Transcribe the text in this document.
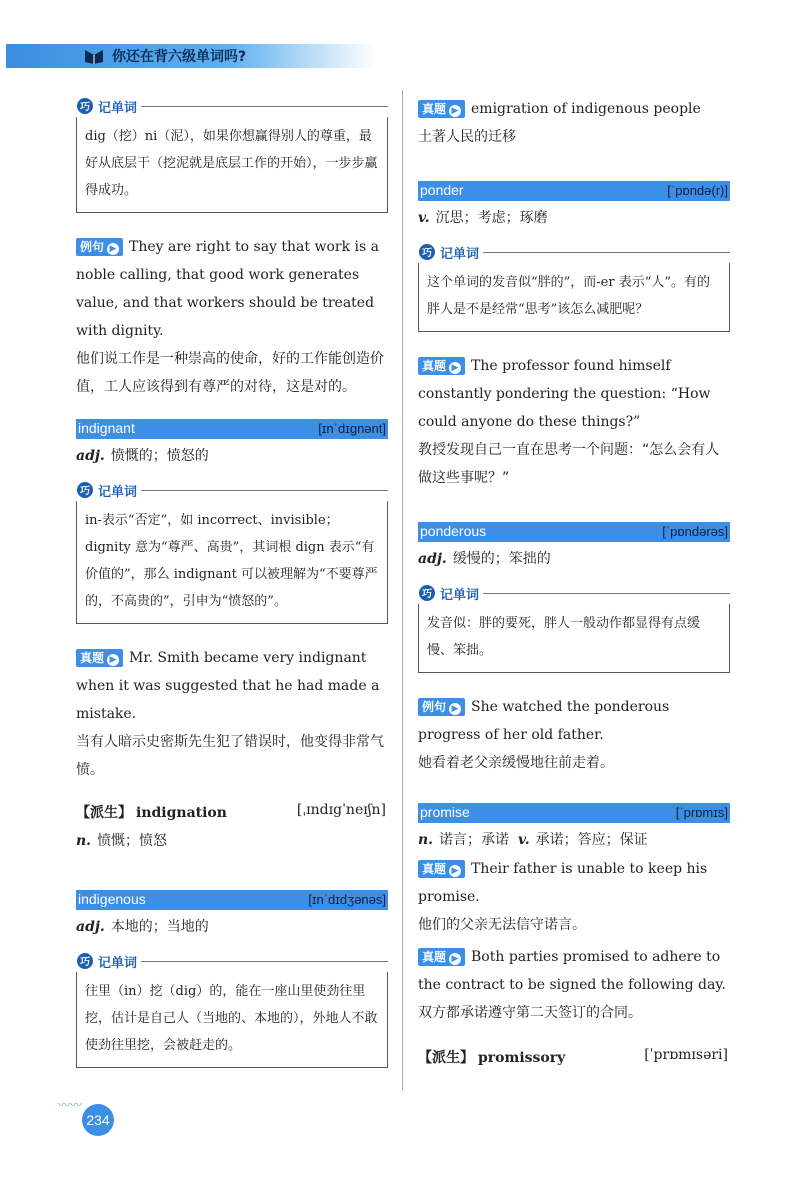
你还在背六级单词吗?
巧 记单词
dig（挖）ni（泥），如果你想赢得别人的尊重，最好从底层干（挖泥就是底层工作的开始），一步步赢得成功。
例句 ▶ They are right to say that work is a noble calling, that good work generates value, and that workers should be treated with dignity.
他们说工作是一种崇高的使命，好的工作能创造价值，工人应该得到有尊严的对待，这是对的。
indignant	[ɪnˈdɪgnənt]
adj. 愤慨的；愤怒的
巧 记单词
in-表示“否定”，如 incorrect、invisible；dignity 意为“尊严、高贵”，其词根 dign 表示“有价值的”，那么 indignant 可以被理解为“不要尊严的，不高贵的”，引申为“愤怒的”。
真题 ▶ Mr. Smith became very indignant when it was suggested that he had made a mistake.
当有人暗示史密斯先生犯了错误时，他变得非常气愤。
【派生】 indignation	[ˌɪndɪgˈneɪʃn]
n. 愤慨；愤怒
indigenous	[ɪnˈdɪdʒənəs]
adj. 本地的；当地的
巧 记单词
往里（in）挖（dig）的，能在一座山里使劲往里挖，估计是自己人（当地的、本地的），外地人不敢使劲往里挖，会被赶走的。
真题 ▶ emigration of indigenous people
土著人民的迁移
ponder	[ˈpɒndə(r)]
v. 沉思；考虑；琢磨
巧 记单词
这个单词的发音似“胖的”，而-er 表示“人”。有的胖人是不是经常“思考”该怎么减肥呢？
真题 ▶ The professor found himself constantly pondering the question: “How could anyone do these things?”
教授发现自己一直在思考一个问题：“怎么会有人做这些事呢？”
ponderous	[ˈpɒndərəs]
adj. 缓慢的；笨拙的
巧 记单词
发音似：胖的要死，胖人一般动作都显得有点缓慢、笨拙。
例句 ▶ She watched the ponderous progress of her old father.
她看着老父亲缓慢地往前走着。
promise	[ˈprɒmɪs]
n. 诺言；承诺 v. 承诺；答应；保证
真题 ▶ Their father is unable to keep his promise.
他们的父亲无法信守诺言。
真题 ▶ Both parties promised to adhere to the contract to be signed the following day.
双方都承诺遵守第二天签订的合同。
【派生】 promissory	[ˈprɒmɪsəri]
〰〰
234
